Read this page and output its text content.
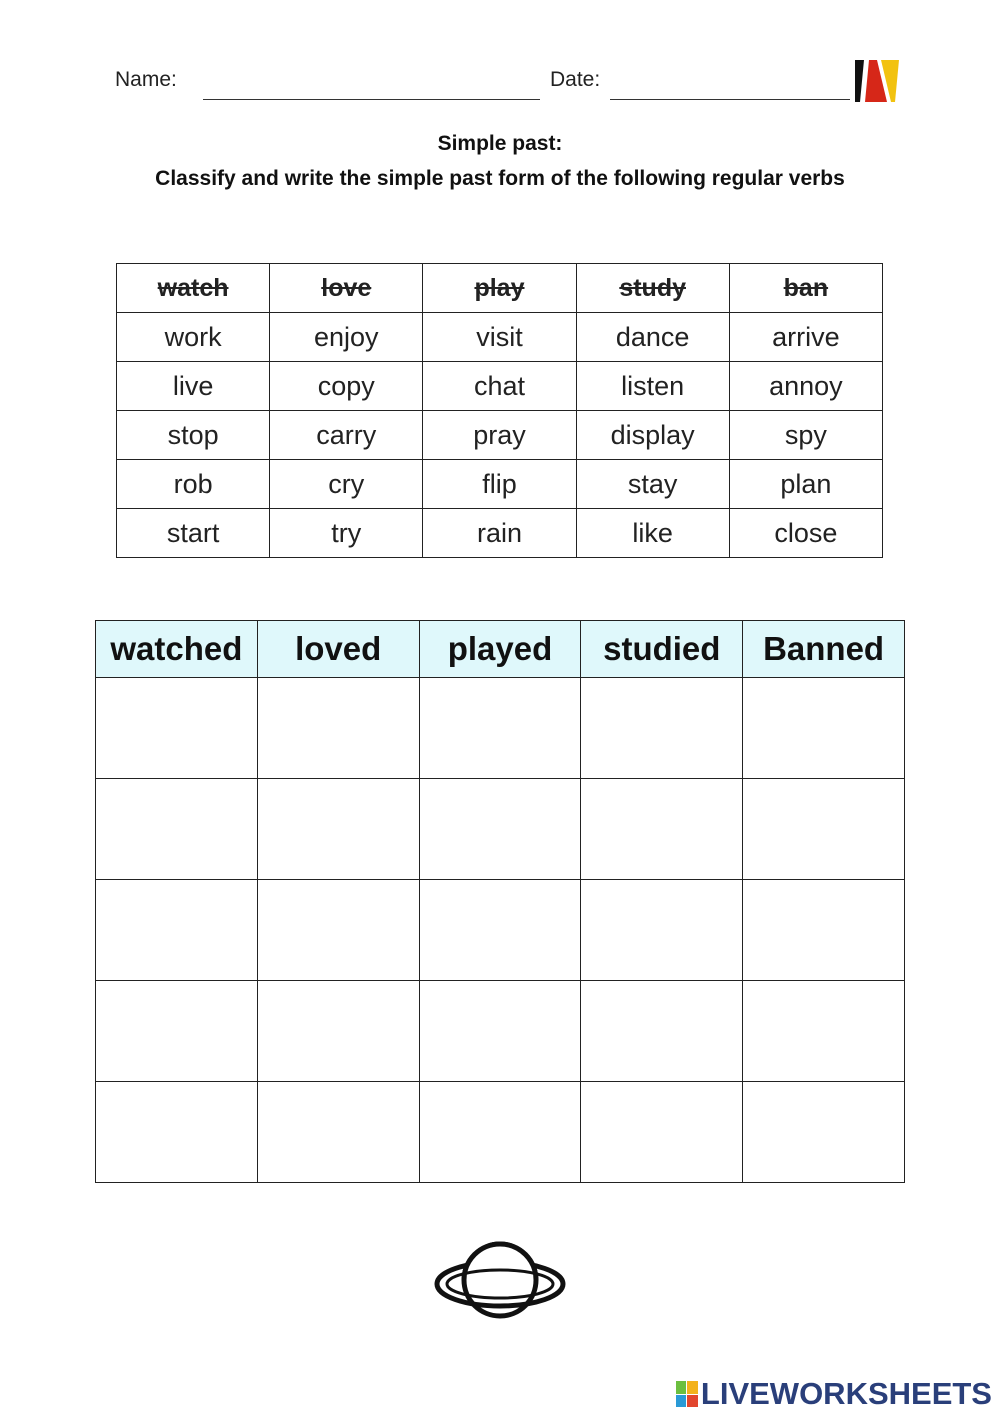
Name:	Date:
Simple past:
Classify and write the simple past form of the following regular verbs
watch	love	play	study	ban
work	enjoy	visit	dance	arrive
live	copy	chat	listen	annoy
stop	carry	pray	display	spy
rob	cry	flip	stay	plan
start	try	rain	like	close
watched	loved	played	studied	Banned

LIVEWORKSHEETS
